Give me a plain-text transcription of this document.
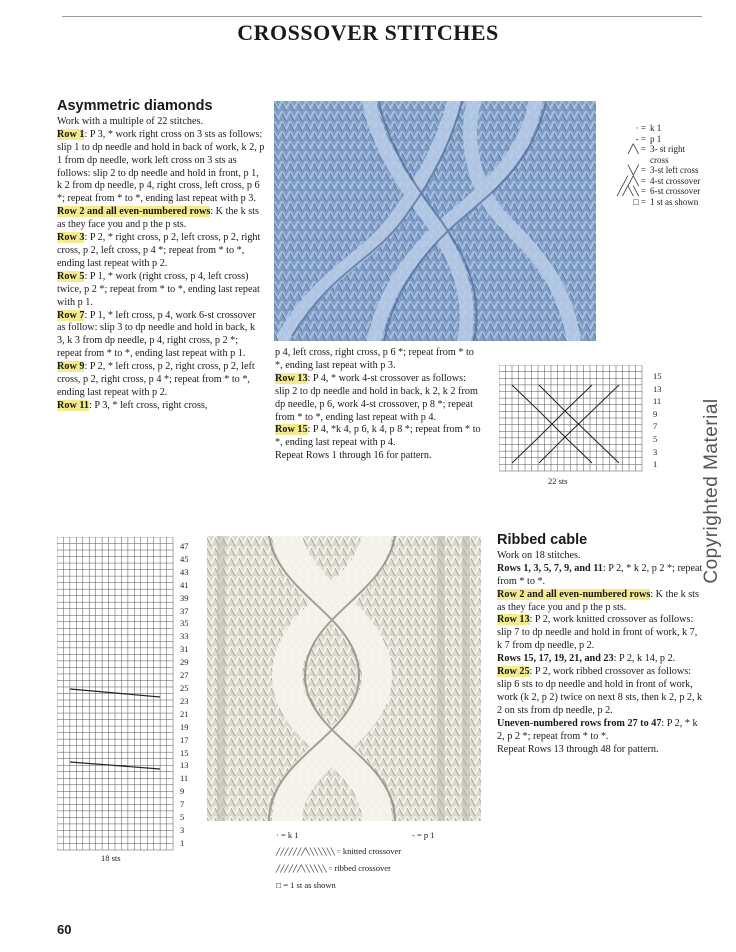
CROSSOVER STITCHES
Asymmetric diamonds

Work with a multiple of 22 stitches.

Row 1: P 3, * work right cross on 3 sts as follows: slip 1 to dp needle and hold in back of work, k 2, p 1 from dp needle, work left cross on 3 sts as follows: slip 2 to dp needle and hold in front, p 1, k 2 from dp needle, p 4, right cross, left cross, p 6 *; repeat from * to *, ending last repeat with p 3.

Row 2 and all even-numbered rows: K the k sts as they face you and p the p sts.

Row 3: P 2, * right cross, p 2, left cross, p 2, right cross, p 2, left cross, p 4 *; repeat from * to *, ending last repeat with p 2.

Row 5: P 1, * work (right cross, p 4, left cross) twice, p 2 *; repeat from * to *, ending last repeat with p 1.

Row 7: P 1, * left cross, p 4, work 6-st crossover as follow: slip 3 to dp needle and hold in back, k 3, k 3 from dp needle, p 4, right cross, p 2 *; repeat from * to *, ending last repeat with p 1.

Row 9: P 2, * left cross, p 2, right cross, p 2, left cross, p 2, right cross, p 4 *; repeat from * to *, ending last repeat with p 2.

Row 11: P 3, * left cross, right cross,

· = k 1
- = p 1
╱╲ = 3- st right cross
╲╱ = 3-st left cross
╱╱╲ = 4-st crossover
╱╱╲╲ = 6-st crossover
□ = 1 st as shown

p 4, left cross, right cross, p 6 *; repeat from * to *, ending last repeat with p 3.

Row 13: P 4, * work 4-st crossover as follows: slip 2 to dp needle and hold in back, k 2, k 2 from dp needle, p 6, work 4-st crossover, p 8 *; repeat from * to *, ending last repeat with p 4.

Row 15: P 4, *k 4, p 6, k 4, p 8 *; repeat from * to *, ending last repeat with p 4.

Repeat Rows 1 through 16 for pattern.

15
13
11
9
7
5
3
1
22 sts
47
45
43
41
39
37
35
33
31
29
27
25
23
21
19
17
15
13
11
9
7
5
3
1
18 sts
Ribbed cable

Work on 18 stitches.

Rows 1, 3, 5, 7, 9, and 11: P 2, * k 2, p 2 *; repeat from * to *.

Row 2 and all even-numbered rows: K the k sts as they face you and p the p sts.

Row 13: P 2, work knitted crossover as follows: slip 7 to dp needle and hold in front of work, k 7, k 7 from dp needle, p 2.

Rows 15, 17, 19, 21, and 23: P 2, k 14, p 2.

Row 25: P 2, work ribbed crossover as follows: slip 6 sts to dp needle and hold in front of work, work (k 2, p 2) twice on next 8 sts, then k 2, p 2, k 2 on sts from dp needle, p 2.

Uneven-numbered rows from 27 to 47: P 2, * k 2, p 2 *; repeat from * to *.

Repeat Rows 13 through 48 for pattern.

· = k 1	- = p 1
╱╱╱╱╱╱╱╲╲╲╲╲╲╲ = knitted crossover
╱╱╱╱╱╱╲╲╲╲╲╲ = ribbed crossover
□ = 1 st as shown
60
Copyrighted Material
